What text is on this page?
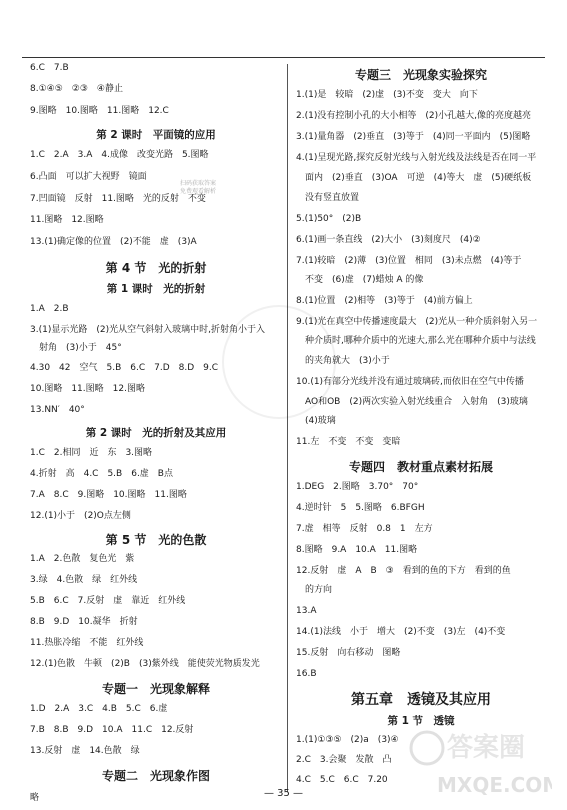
6.C　7.B
8.①④⑤　②③　④静止
9.图略　10.图略　11.图略　12.C
第 2 课时　平面镜的应用
1.C　2.A　3.A　4.成像　改变光路　5.图略
6.凸面　可以扩大视野　镜面
7.凹面镜　反射　11.图略　光的反射　不变
11.图略　12.图略
13.(1)确定像的位置　(2)不能　虚　(3)A
第 4 节　光的折射
第 1 课时　光的折射
1.A　2.B
3.(1)显示光路　(2)光从空气斜射入玻璃中时,折射角小于入
　射角　(3)小于　45°
4.30　42　空气　5.B　6.C　7.D　8.D　9.C
10.图略　11.图略　12.图略
13.NN′　40°
第 2 课时　光的折射及其应用
1.C　2.相同　近　东　3.图略
4.折射　高　4.C　5.B　6.虚　B点
7.A　8.C　9.图略　10.图略　11.图略
12.(1)小于　(2)O点左侧
第 5 节　光的色散
1.A　2.色散　复色光　紫
3.绿　4.色散　绿　红外线
5.B　6.C　7.反射　虚　靠近　红外线
8.B　9.D　10.凝华　折射
11.热胀冷缩　不能　红外线
12.(1)色散　牛顿　(2)B　(3)紫外线　能使荧光物质发光
专题一　光现象解释
1.D　2.A　3.C　4.B　5.C　6.虚
7.B　8.B　9.D　10.A　11.C　12.反射
13.反射　虚　14.色散　绿
专题二　光现象作图
略
专题三　光现象实验探究
1.(1)是　较暗　(2)虚　(3)不变　变大　向下
2.(1)没有控制小孔的大小相等　(2)小孔越大,像的亮度越亮
3.(1)量角器　(2)垂直　(3)等于　(4)同一平面内　(5)图略
4.(1)呈现光路,探究反射光线与入射光线及法线是否在同一平
　面内　(2)垂直　(3)OA　可逆　(4)等大　虚　(5)硬纸板
　没有竖直放置
5.(1)50°　(2)B
6.(1)画一条直线　(2)大小　(3)刻度尺　(4)②
7.(1)较暗　(2)薄　(3)位置　相同　(3)未点燃　(4)等于
　不变　(6)虚　(7)蜡烛 A 的像
8.(1)位置　(2)相等　(3)等于　(4)前方偏上
9.(1)光在真空中传播速度最大　(2)光从一种介质斜射入另一
　种介质时,哪种介质中的光速大,那么光在哪种介质中与法线
　的夹角就大　(3)小于
10.(1)有部分光线并没有通过玻璃砖,而依旧在空气中传播
　AO和OB　(2)两次实验入射光线重合　入射角　(3)玻璃
　(4)玻璃
11.左　不变　不变　变暗
专题四　教材重点素材拓展
1.DEG　2.图略　3.70°　70°
4.逆时针　5　5.图略　6.BFGH
7.虚　相等　反射　0.8　1　左方
8.图略　9.A　10.A　11.图略
12.反射　虚　A　B　③　看到的鱼的下方　看到的鱼
　的方向
13.A
14.(1)法线　小于　增大　(2)不变　(3)左　(4)不变
15.反射　向右移动　图略
16.B
第五章　透镜及其应用
第 1 节　透镜
1.(1)①③⑤　(2)a　(3)④
2.C　3.会聚　发散　凸
4.C　5.C　6.C　7.20
扫码获取答案 免费观看解析
答案圈
MXQE.COM
— 35 —
